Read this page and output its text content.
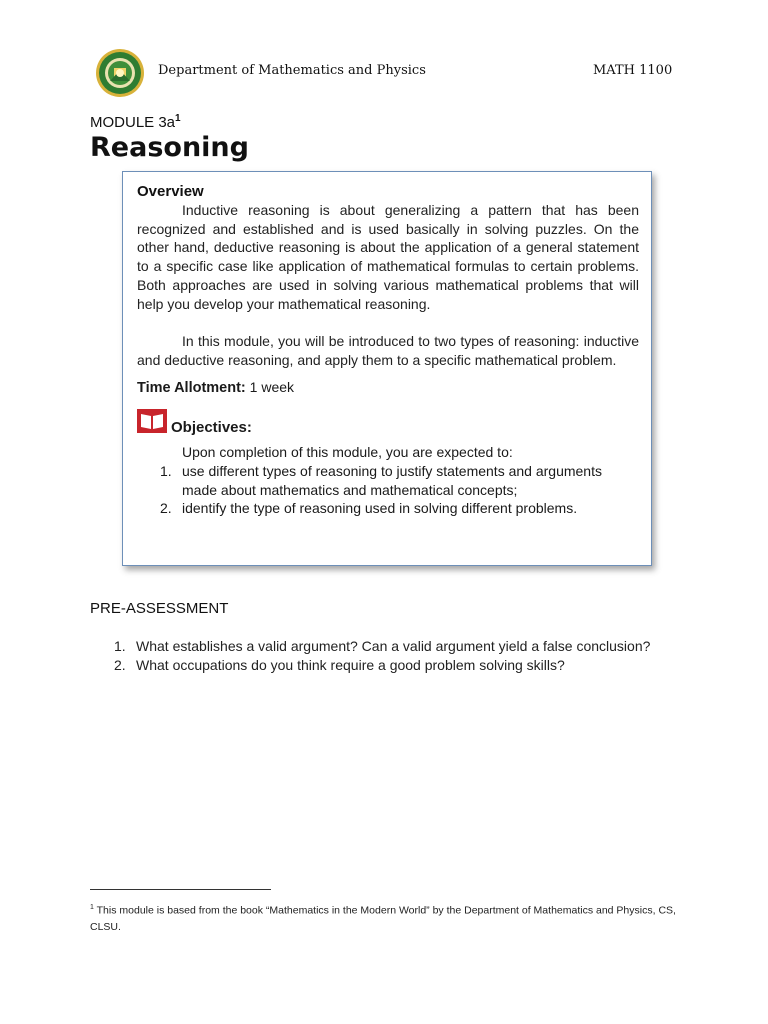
Department of Mathematics and Physics	MATH 1100
MODULE $3a^1$
Reasoning
Overview

Inductive reasoning is about generalizing a pattern that has been recognized and established and is used basically in solving puzzles. On the other hand, deductive reasoning is about the application of a general statement to a specific case like application of mathematical formulas to certain problems. Both approaches are used in solving various mathematical problems that will help you develop your mathematical reasoning.

In this module, you will be introduced to two types of reasoning: inductive and deductive reasoning, and apply them to a specific mathematical problem.

Time Allotment: 1 week
Objectives:
Upon completion of this module, you are expected to:
1. use different types of reasoning to justify statements and arguments made about mathematics and mathematical concepts;
2. identify the type of reasoning used in solving different problems.
PRE-ASSESSMENT
1. What establishes a valid argument? Can a valid argument yield a false conclusion?
2. What occupations do you think require a good problem solving skills?
$^1$ This module is based from the book “Mathematics in the Modern World” by the Department of Mathematics and Physics, CS, CLSU.
